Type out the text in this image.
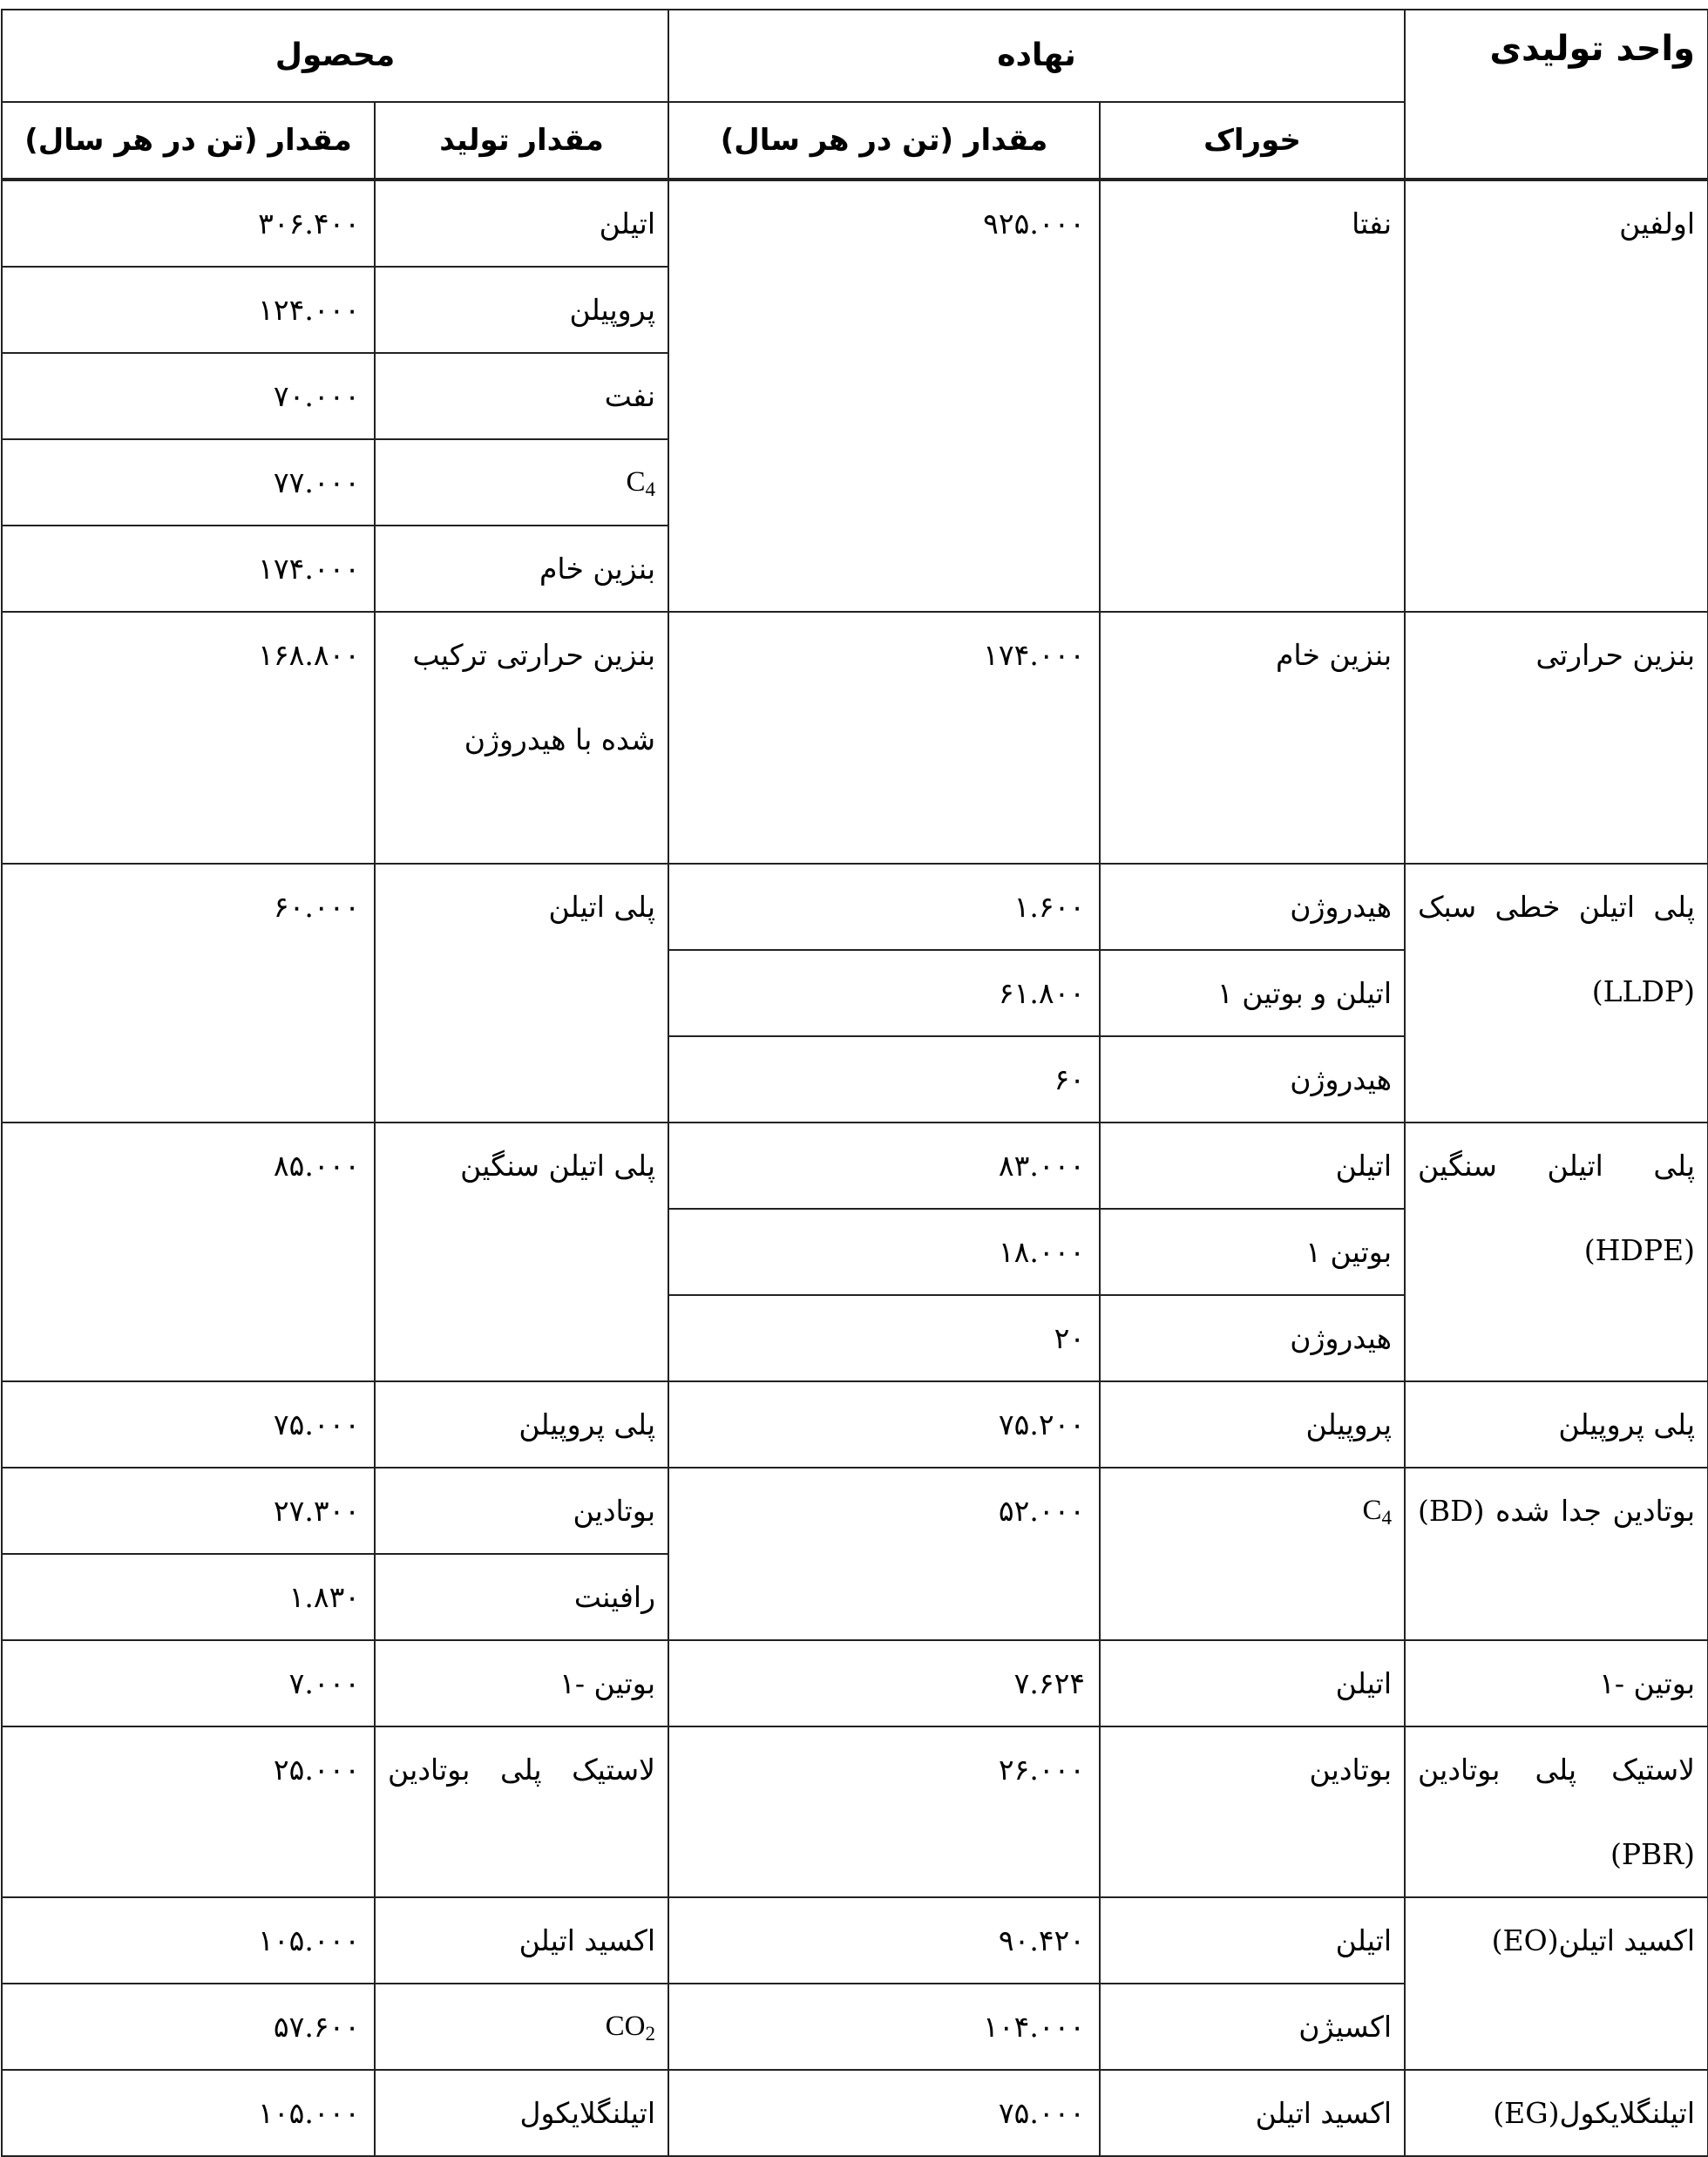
واحد تولیدی	نهاده		محصول	
	خوراک	مقدار (تن در هر سال)	مقدار تولید	مقدار (تن در هر سال)
اولفین	نفتا	۹۲۵.۰۰۰	اتیلن	۳۰۶.۴۰۰
			پروپیلن	۱۲۴.۰۰۰
			نفت	۷۰.۰۰۰
			$C_4$	۷۷.۰۰۰
			بنزین خام	۱۷۴.۰۰۰
بنزین حرارتی	بنزین خام	۱۷۴.۰۰۰	بنزین حرارتی ترکیب شده با هیدروژن	۱۶۸.۸۰۰
پلی اتیلن خطی سبک (LLDP)	هیدروژن	۱.۶۰۰	پلی اتیلن	۶۰.۰۰۰
	اتیلن و بوتین ۱	۶۱.۸۰۰		
	هیدروژن	۶۰		
پلی اتیلن سنگین (HDPE)	اتیلن	۸۳.۰۰۰	پلی اتیلن سنگین	۸۵.۰۰۰
	بوتین ۱	۱۸.۰۰۰		
	هیدروژن	۲۰		
پلی پروپیلن	پروپیلن	۷۵.۲۰۰	پلی پروپیلن	۷۵.۰۰۰
بوتادین جدا شده (BD)	$C_4$	۵۲.۰۰۰	بوتادین	۲۷.۳۰۰
			رافینت	۱.۸۳۰
بوتین -۱	اتیلن	۷.۶۲۴	بوتین -۱	۷.۰۰۰
لاستیک پلی بوتادین (PBR)	بوتادین	۲۶.۰۰۰	لاستیک پلی بوتادین	۲۵.۰۰۰
اکسید اتیلن(EO)	اتیلن	۹۰.۴۲۰	اکسید اتیلن	۱۰۵.۰۰۰
	اکسیژن	۱۰۴.۰۰۰	$CO_2$	۵۷.۶۰۰
اتیلنگلایکول(EG)	اکسید اتیلن	۷۵.۰۰۰	اتیلنگلایکول	۱۰۵.۰۰۰
